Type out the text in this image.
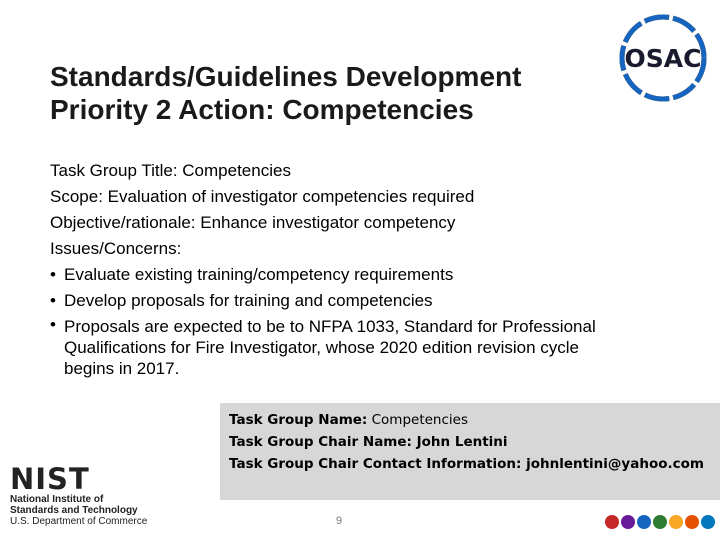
Standards/Guidelines Development
Priority 2 Action: Competencies
OSAC
Task Group Title: Competencies
Scope: Evaluation of investigator competencies required
Objective/rationale: Enhance investigator competency
Issues/Concerns:
• Evaluate existing training/competency requirements
• Develop proposals for training and competencies
• Proposals are expected to be to NFPA 1033, Standard for Professional
Qualifications for Fire Investigator, whose 2020 edition revision cycle
begins in 2017.
Task Group Name: Competencies
Task Group Chair Name: John Lentini
Task Group Chair Contact Information: johnlentini@yahoo.com
NIST
National Institute of
Standards and Technology
U.S. Department of Commerce	9
